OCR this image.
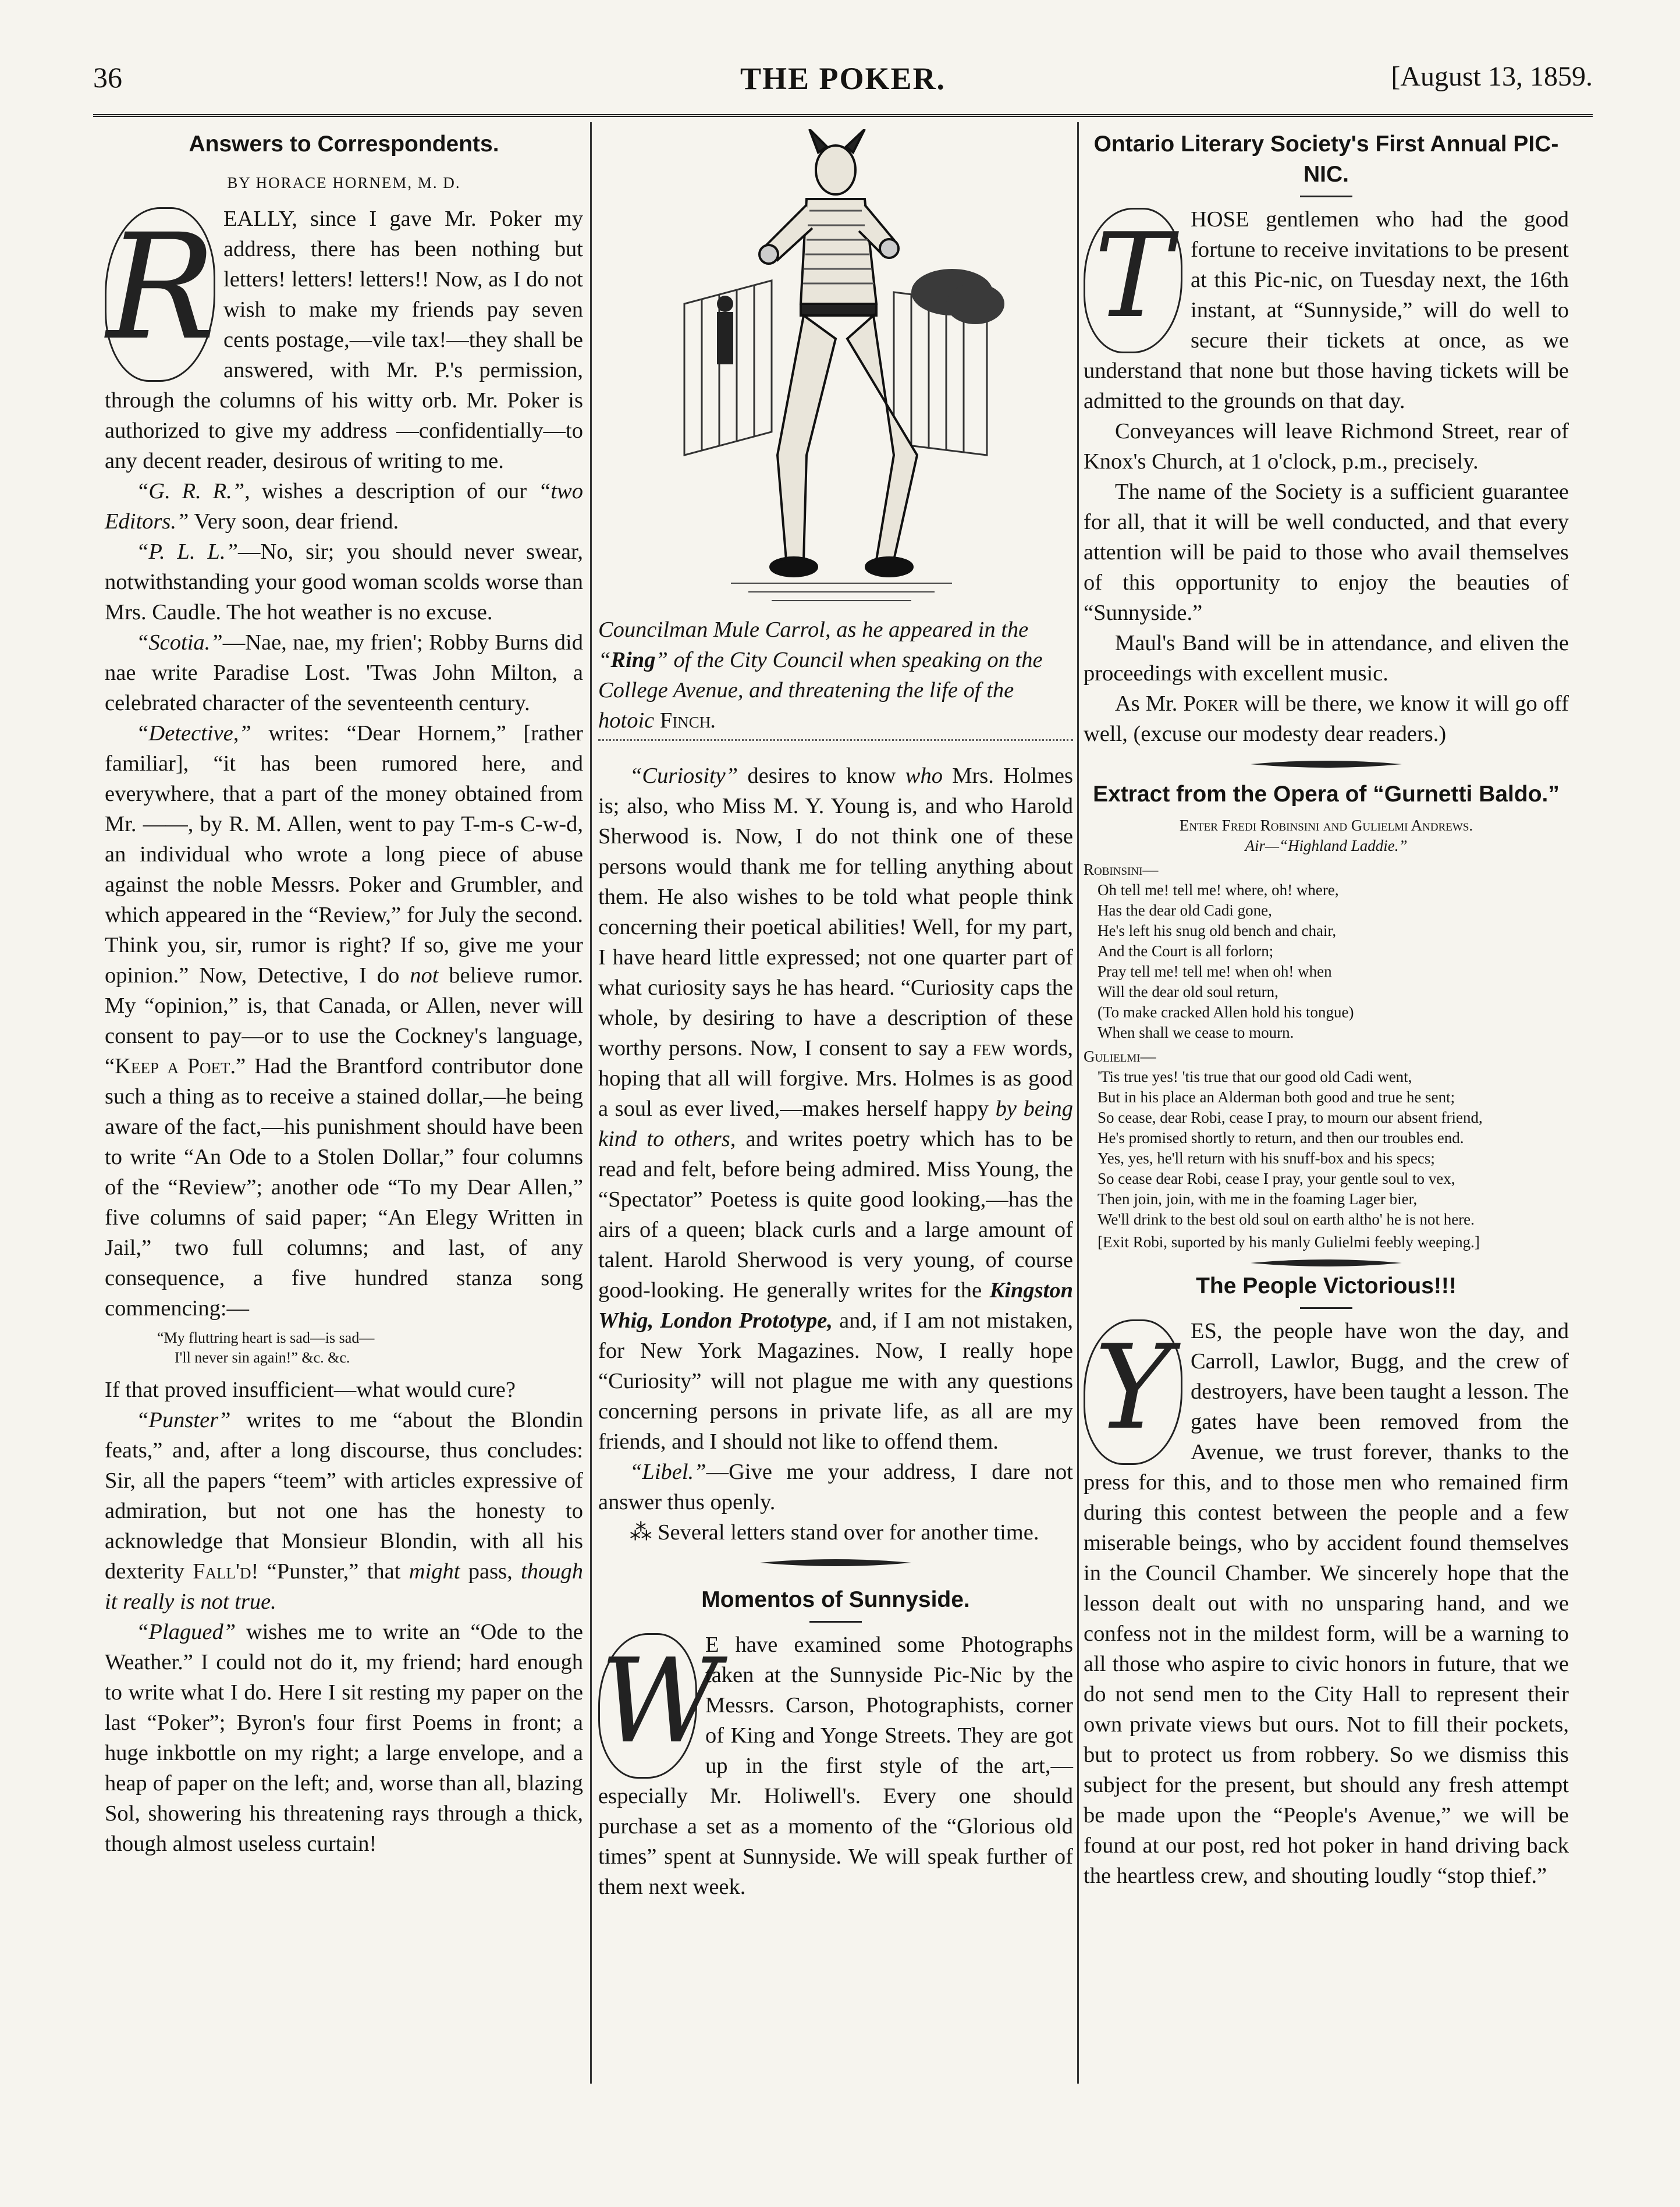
36	THE POKER.	[August 13, 1859.
Answers to Correspondents.
BY HORACE HORNEM, M. D.

R EALLY, since I gave Mr. Poker my address, there has been nothing but letters! letters! letters!! Now, as I do not wish to make my friends pay seven cents postage,—vile tax!—they shall be answered, with Mr. P.'s permission, through the columns of his witty orb. Mr. Poker is authorized to give my address —confidentially—to any decent reader, desirous of writing to me.

“G. R. R.”, wishes a description of our “two Editors.” Very soon, dear friend.

“P. L. L.”—No, sir; you should never swear, notwithstanding your good woman scolds worse than Mrs. Caudle. The hot weather is no excuse.

“Scotia.”—Nae, nae, my frien'; Robby Burns did nae write Paradise Lost. 'Twas John Milton, a celebrated character of the seventeenth century.

“Detective,” writes: “Dear Hornem,” [rather familiar], “it has been rumored here, and everywhere, that a part of the money obtained from Mr. ——, by R. M. Allen, went to pay T-m-s C-w-d, an individual who wrote a long piece of abuse against the noble Messrs. Poker and Grumbler, and which appeared in the “Review,” for July the second. Think you, sir, rumor is right? If so, give me your opinion.” Now, Detective, I do not believe rumor. My “opinion,” is, that Canada, or Allen, never will consent to pay—or to use the Cockney's language, “Keep a Poet.” Had the Brantford contributor done such a thing as to receive a stained dollar,—he being aware of the fact,—his punishment should have been to write “An Ode to a Stolen Dollar,” four columns of the “Review”; another ode “To my Dear Allen,” five columns of said paper; “An Elegy Written in Jail,” two full columns; and last, of any consequence, a five hundred stanza song commencing:—

“My fluttring heart is sad—is sad—
I'll never sin again!” &c. &c.

If that proved insufficient—what would cure?

“Punster” writes to me “about the Blondin feats,” and, after a long discourse, thus concludes: Sir, all the papers “teem” with articles expressive of admiration, but not one has the honesty to acknowledge that Monsieur Blondin, with all his dexterity Fall'd! “Punster,” that might pass, though it really is not true.

“Plagued” wishes me to write an “Ode to the Weather.” I could not do it, my friend; hard enough to write what I do. Here I sit resting my paper on the last “Poker”; Byron's four first Poems in front; a huge inkbottle on my right; a large envelope, and a heap of paper on the left; and, worse than all, blazing Sol, showering his threatening rays through a thick, though almost useless curtain!

Councilman Mule Carrol, as he appeared in the “Ring” of the City Council when speaking on the College Avenue, and threatening the life of the hotoic Finch.

“Curiosity” desires to know who Mrs. Holmes is; also, who Miss M. Y. Young is, and who Harold Sherwood is. Now, I do not think one of these persons would thank me for telling anything about them. He also wishes to be told what people think concerning their poetical abilities! Well, for my part, I have heard little expressed; not one quarter part of what curiosity says he has heard. “Curiosity caps the whole, by desiring to have a description of these worthy persons. Now, I consent to say a few words, hoping that all will forgive. Mrs. Holmes is as good a soul as ever lived,—makes herself happy by being kind to others, and writes poetry which has to be read and felt, before being admired. Miss Young, the “Spectator” Poetess is quite good looking,—has the airs of a queen; black curls and a large amount of talent. Harold Sherwood is very young, of course good-looking. He generally writes for the Kingston Whig, London Prototype, and, if I am not mistaken, for New York Magazines. Now, I really hope “Curiosity” will not plague me with any questions concerning persons in private life, as all are my friends, and I should not like to offend them.

“Libel.”—Give me your address, I dare not answer thus openly.

⁂ Several letters stand over for another time.

Momentos of Sunnyside.

W
E have examined some Photographs taken at the Sunnyside Pic-Nic by the Messrs. Carson, Photographists, corner of King and Yonge Streets. They are got up in the first style of the art,—especially Mr. Holiwell's. Every one should purchase a set as a momento of the “Glorious old times” spent at Sunnyside. We will speak further of them next week.

Ontario Literary Society's First Annual PIC-NIC.

T HOSE gentlemen who had the good fortune to receive invitations to be present at this Pic-nic, on Tuesday next, the 16th instant, at “Sunnyside,” will do well to secure their tickets at once, as we understand that none but those having tickets will be admitted to the grounds on that day.

Conveyances will leave Richmond Street, rear of Knox's Church, at 1 o'clock, p.m., precisely.

The name of the Society is a sufficient guarantee for all, that it will be well conducted, and that every attention will be paid to those who avail themselves of this opportunity to enjoy the beauties of “Sunnyside.”

Maul's Band will be in attendance, and eliven the proceedings with excellent music.

As Mr. Poker will be there, we know it will go off well, (excuse our modesty dear readers.)

Extract from the Opera of “Gurnetti Baldo.”
Enter Fredi Robinsini and Gulielmi Andrews.
Air—“Highland Laddie.”
Robinsini—
Oh tell me! tell me! where, oh! where,
Has the dear old Cadi gone,
He's left his snug old bench and chair,
And the Court is all forlorn;
Pray tell me! tell me! when oh! when
Will the dear old soul return,
(To make cracked Allen hold his tongue)
When shall we cease to mourn.
Gulielmi—
'Tis true yes! 'tis true that our good old Cadi went,
But in his place an Alderman both good and true he sent;
So cease, dear Robi, cease I pray, to mourn our absent friend,
He's promised shortly to return, and then our troubles end.
Yes, yes, he'll return with his snuff-box and his specs;
So cease dear Robi, cease I pray, your gentle soul to vex,
Then join, join, with me in the foaming Lager bier,
We'll drink to the best old soul on earth altho' he is not here.
[Exit Robi, suported by his manly Gulielmi feebly weeping.]
The People Victorious!!!

Y ES, the people have won the day, and Carroll, Lawlor, Bugg, and the crew of destroyers, have been taught a lesson. The gates have been removed from the Avenue, we trust forever, thanks to the press for this, and to those men who remained firm during this contest between the people and a few miserable beings, who by accident found themselves in the Council Chamber. We sincerely hope that the lesson dealt out with no unsparing hand, and we confess not in the mildest form, will be a warning to all those who aspire to civic honors in future, that we do not send men to the City Hall to represent their own private views but ours. Not to fill their pockets, but to protect us from robbery. So we dismiss this subject for the present, but should any fresh attempt be made upon the “People's Avenue,” we will be found at our post, red hot poker in hand driving back the heartless crew, and shouting loudly “stop thief.”
